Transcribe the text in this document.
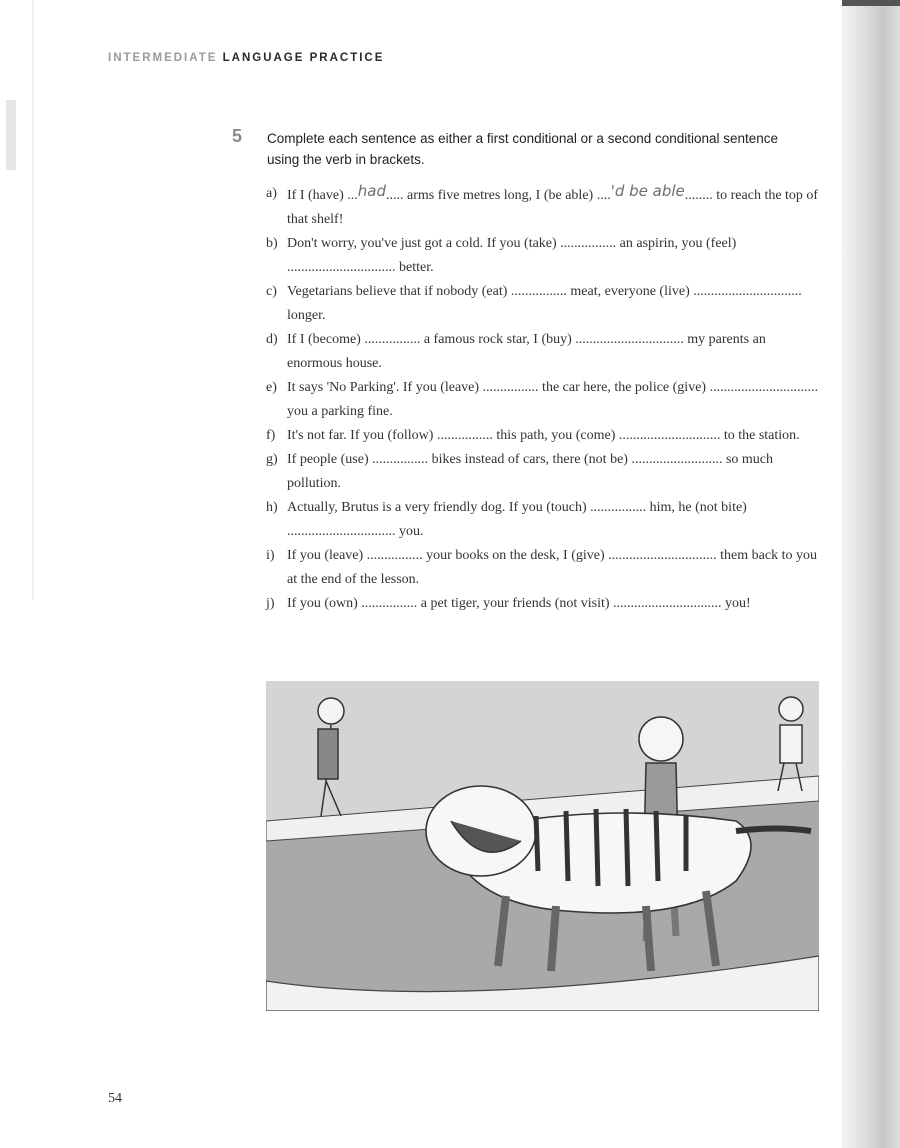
INTERMEDIATE LANGUAGE PRACTICE
5 Complete each sentence as either a first conditional or a second conditional sentence using the verb in brackets.
a) If I (have) ...had..... arms five metres long, I (be able) ....'d be able........ to reach the top of that shelf!
b) Don't worry, you've just got a cold. If you (take) ................ an aspirin, you (feel) ............................... better.
c) Vegetarians believe that if nobody (eat) ................ meat, everyone (live) ............................... longer.
d) If I (become) ................ a famous rock star, I (buy) ............................... my parents an enormous house.
e) It says 'No Parking'. If you (leave) ................ the car here, the police (give) ............................... you a parking fine.
f) It's not far. If you (follow) ................ this path, you (come) ............................. to the station.
g) If people (use) ................ bikes instead of cars, there (not be) .......................... so much pollution.
h) Actually, Brutus is a very friendly dog. If you (touch) ................ him, he (not bite) ............................... you.
i) If you (leave) ................ your books on the desk, I (give) ............................... them back to you at the end of the lesson.
j) If you (own) ................ a pet tiger, your friends (not visit) ............................... you!
54
